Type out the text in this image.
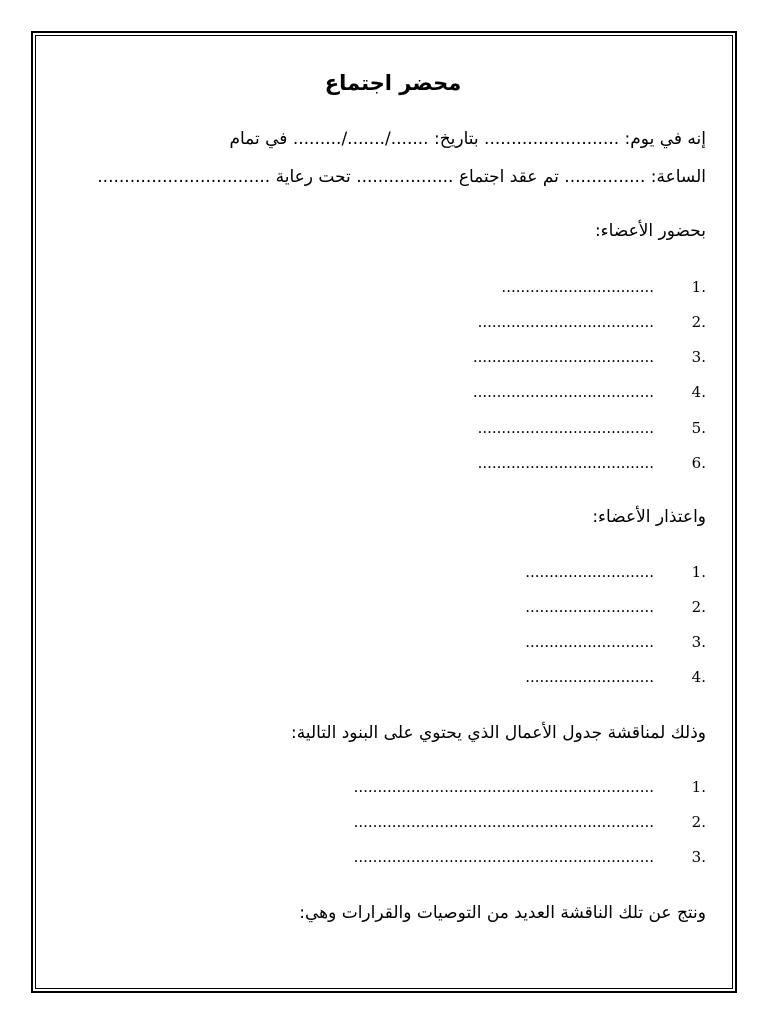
محضر اجتماع
إنه في يوم: ......................... بتاريخ: ......./......./......... في تمام
الساعة: ............... تم عقد اجتماع .................. تحت رعاية ................................
بحضور الأعضاء:
.1................................
.2.....................................
.3......................................
.4......................................
.5.....................................
.6.....................................
واعتذار الأعضاء:
.1...........................
.2...........................
.3...........................
.4...........................
وذلك لمناقشة جدول الأعمال الذي يحتوي على البنود التالية:
.1...............................................................
.2...............................................................
.3...............................................................
ونتج عن تلك الناقشة العديد من التوصيات والقرارات وهي:
